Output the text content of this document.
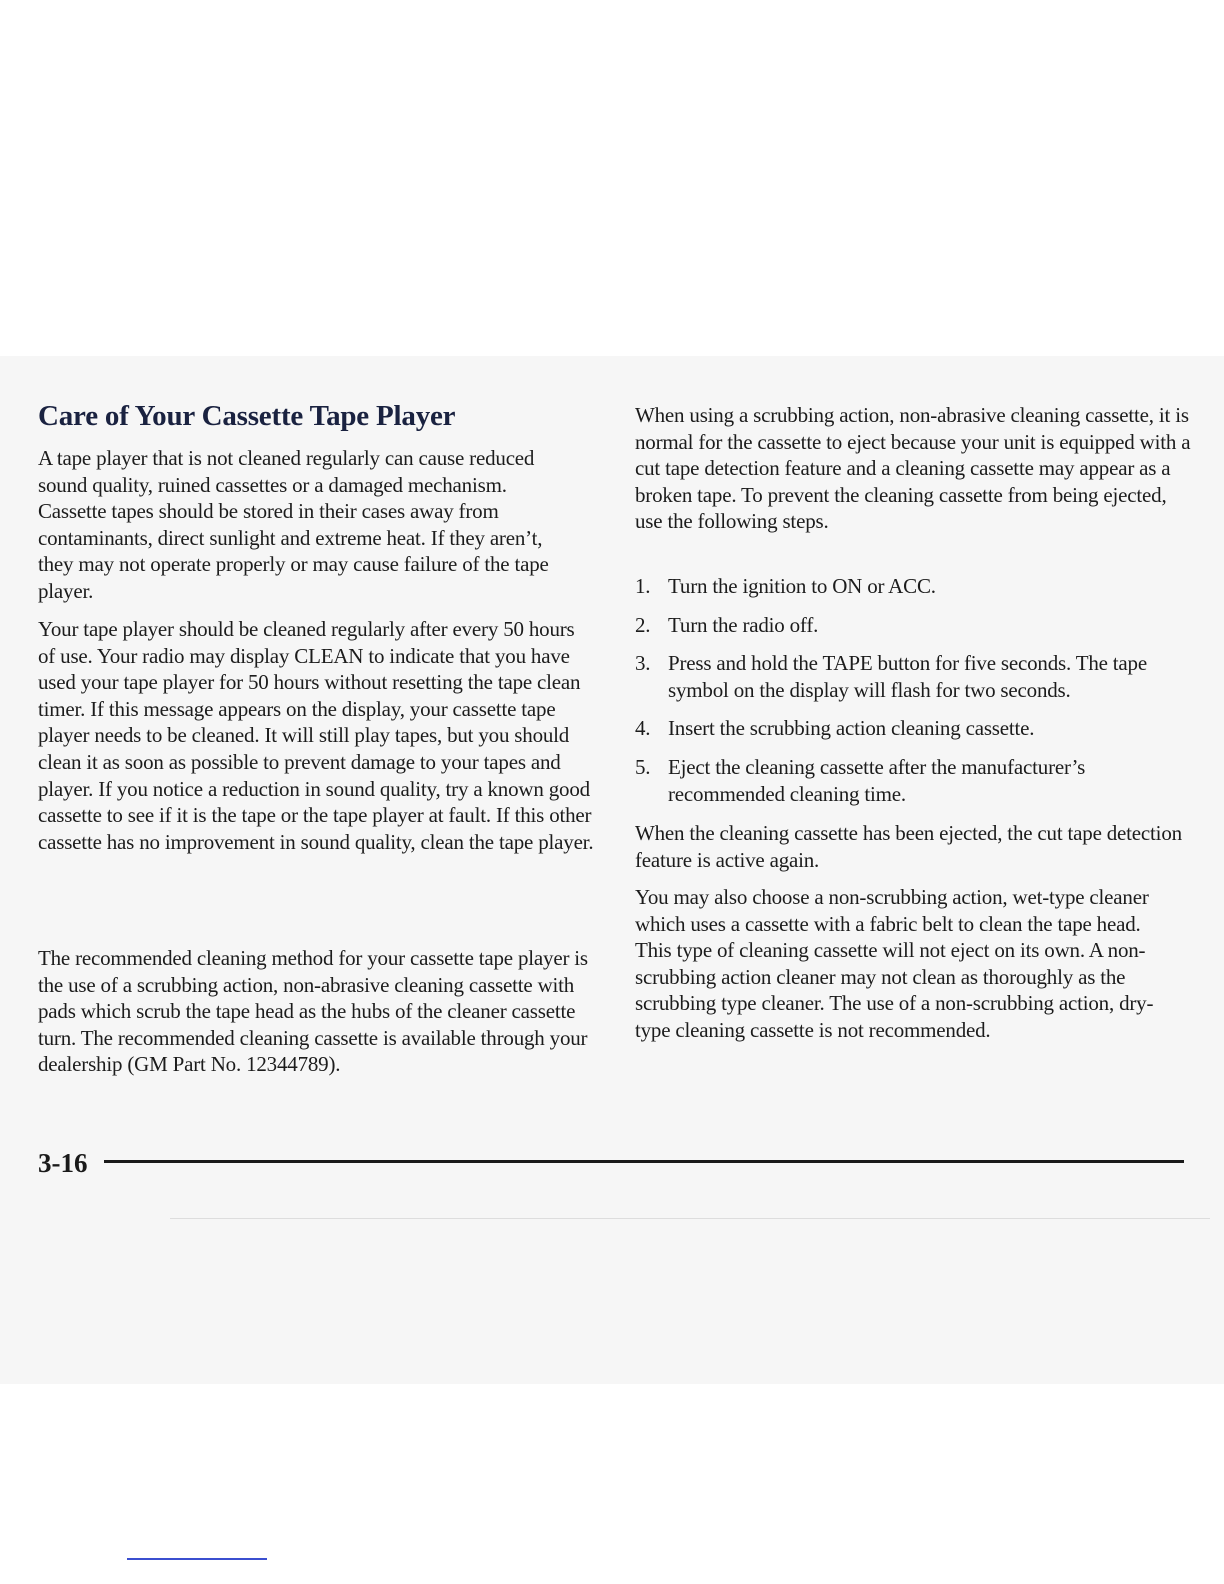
Care of Your Cassette Tape Player

A tape player that is not cleaned regularly can cause reduced sound quality, ruined cassettes or a damaged mechanism. Cassette tapes should be stored in their cases away from contaminants, direct sunlight and extreme heat. If they aren’t, they may not operate properly or may cause failure of the tape player.

Your tape player should be cleaned regularly after every 50 hours of use. Your radio may display CLEAN to indicate that you have used your tape player for 50 hours without resetting the tape clean timer. If this message appears on the display, your cassette tape player needs to be cleaned. It will still play tapes, but you should clean it as soon as possible to prevent damage to your tapes and player. If you notice a reduction in sound quality, try a known good cassette to see if it is the tape or the tape player at fault. If this other cassette has no improvement in sound quality, clean the tape player.

The recommended cleaning method for your cassette tape player is the use of a scrubbing action, non-abrasive cleaning cassette with pads which scrub the tape head as the hubs of the cleaner cassette turn. The recommended cleaning cassette is available through your dealership (GM Part No. 12344789).

When using a scrubbing action, non-abrasive cleaning cassette, it is normal for the cassette to eject because your unit is equipped with a cut tape detection feature and a cleaning cassette may appear as a broken tape. To prevent the cleaning cassette from being ejected, use the following steps.

1. Turn the ignition to ON or ACC.
2. Turn the radio off.
3. Press and hold the TAPE button for five seconds. The tape symbol on the display will flash for two seconds.
4. Insert the scrubbing action cleaning cassette.
5. Eject the cleaning cassette after the manufacturer’s recommended cleaning time.

When the cleaning cassette has been ejected, the cut tape detection feature is active again.

You may also choose a non-scrubbing action, wet-type cleaner which uses a cassette with a fabric belt to clean the tape head. This type of cleaning cassette will not eject on its own. A non-scrubbing action cleaner may not clean as thoroughly as the scrubbing type cleaner. The use of a non-scrubbing action, dry-type cleaning cassette is not recommended.

3-16
